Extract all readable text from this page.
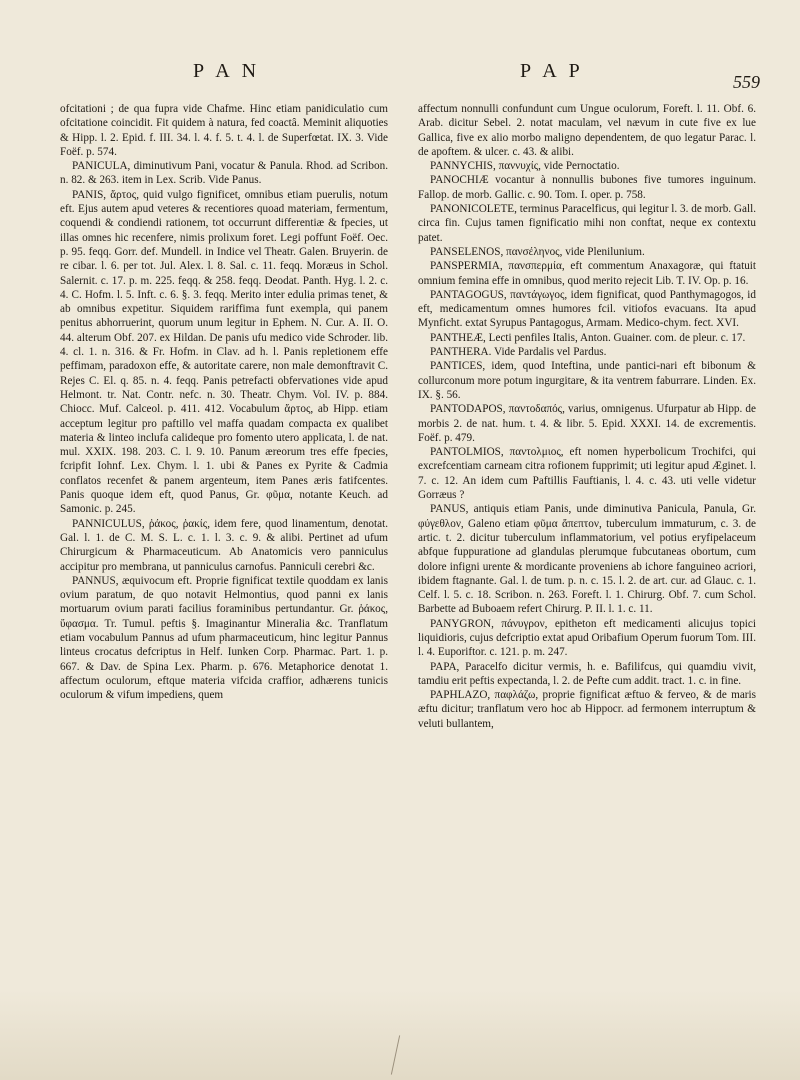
P A N	P A P	559

ofcitationi ; de qua fupra vide Chafme. Hinc etiam panidiculatio cum ofcitatione coincidit. Fit quidem à natura, fed coactâ. Meminit aliquoties & Hipp. l. 2. Epid. f. III. 34. l. 4. f. 5. t. 4. l. de Superfœtat. IX. 3. Vide Foëf. p. 574.

PANICULA, diminutivum Pani, vocatur & Panula. Rhod. ad Scribon. n. 82. & 263. item in Lex. Scrib. Vide Panus.

PANIS, ἄρτος, quid vulgo fignificet, omnibus etiam puerulis, notum eft. Ejus autem apud veteres & recentiores quoad materiam, fermentum, coquendi & condiendi rationem, tot occurrunt differentiæ & fpecies, ut illas omnes hic recenfere, nimis prolixum foret. Legi poffunt Foëf. Oec. p. 95. feqq. Gorr. def. Mundell. in Indice vel Theatr. Galen. Bruyerin. de re cibar. l. 6. per tot. Jul. Alex. l. 8. Sal. c. 11. feqq. Moræus in Schol. Salernit. c. 17. p. m. 225. feqq. & 258. feqq. Deodat. Panth. Hyg. l. 2. c. 4. C. Hofm. l. 5. Inft. c. 6. §. 3. feqq. Merito inter edulia primas tenet, & ab omnibus expetitur. Siquidem rariffima funt exempla, qui panem penitus abhorruerint, quorum unum legitur in Ephem. N. Cur. A. II. O. 44. alterum Obf. 207. ex Hildan. De panis ufu medico vide Schroder. lib. 4. cl. 1. n. 316. & Fr. Hofm. in Clav. ad h. l. Panis repletionem effe peffimam, paradoxon effe, & autoritate carere, non male demonftravit C. Rejes C. El. q. 85. n. 4. feqq. Panis petrefacti obfervationes vide apud Helmont. tr. Nat. Contr. nefc. n. 30. Theatr. Chym. Vol. IV. p. 884. Chiocc. Muf. Calceol. p. 411. 412. Vocabulum ἄρτος, ab Hipp. etiam acceptum legitur pro paftillo vel maffa quadam compacta ex qualibet materia & linteo inclufa calideque pro fomento utero applicata, l. de nat. mul. XXIX. 198. 203. C. l. 9. 10. Panum æreorum tres effe fpecies, fcripfit Iohnf. Lex. Chym. l. 1. ubi & Panes ex Pyrite & Cadmia conflatos recenfet & panem argenteum, item Panes æris fatifcentes. Panis quoque idem eft, quod Panus, Gr. φῦμα, notante Keuch. ad Samonic. p. 245.

PANNICULUS, ῥάκος, ῥακίς, idem fere, quod linamentum, denotat. Gal. l. 1. de C. M. S. L. c. 1. l. 3. c. 9. & alibi. Pertinet ad ufum Chirurgicum & Pharmaceuticum. Ab Anatomicis vero panniculus accipitur pro membrana, ut panniculus carnofus. Panniculi cerebri &c.

PANNUS, æquivocum eft. Proprie fignificat textile quoddam ex lanis ovium paratum, de quo notavit Helmontius, quod panni ex lanis mortuarum ovium parati facilius foraminibus pertundantur. Gr. ῥάκος, ὕφασμα. Tr. Tumul. peftis §. Imaginantur Mineralia &c. Tranflatum etiam vocabulum Pannus ad ufum pharmaceuticum, hinc legitur Pannus linteus crocatus defcriptus in Helf. Iunken Corp. Pharmac. Part. 1. p. 667. & Dav. de Spina Lex. Pharm. p. 676. Metaphorice denotat 1. affectum oculorum, eftque materia vifcida craffior, adhærens tunicis oculorum & vifum impediens, quem

affectum nonnulli confundunt cum Ungue oculorum, Foreft. l. 11. Obf. 6. Arab. dicitur Sebel. 2. notat maculam, vel nævum in cute five ex lue Gallica, five ex alio morbo maligno dependentem, de quo legatur Parac. l. de apoftem. & ulcer. c. 43. & alibi.

PANNYCHIS, παννυχίς, vide Pernoctatio.

PANOCHIÆ vocantur à nonnullis bubones five tumores inguinum. Fallop. de morb. Gallic. c. 90. Tom. I. oper. p. 758.

PANONICOLETE, terminus Paracelficus, qui legitur l. 3. de morb. Gall. circa fin. Cujus tamen fignificatio mihi non conftat, neque ex contextu patet.

PANSELENOS, πανσέληνος, vide Plenilunium.

PANSPERMIA, πανσπερμία, eft commentum Anaxagoræ, qui ftatuit omnium femina effe in omnibus, quod merito rejecit Lib. T. IV. Op. p. 16.

PANTAGOGUS, παντάγωγος, idem fignificat, quod Panthymagogos, id eft, medicamentum omnes humores fcil. vitiofos evacuans. Ita apud Mynficht. extat Syrupus Pantagogus, Armam. Medico-chym. fect. XVI.

PANTHEÆ, Lecti penfiles Italis, Anton. Guainer. com. de pleur. c. 17.

PANTHERA. Vide Pardalis vel Pardus.

PANTICES, idem, quod Inteftina, unde pantici-nari eft bibonum & collurconum more potum ingurgitare, & ita ventrem faburrare. Linden. Ex. IX. §. 56.

PANTODAPOS, παντοδαπός, varius, omnigenus. Ufurpatur ab Hipp. de morbis 2. de nat. hum. t. 4. & libr. 5. Epid. XXXI. 14. de excrementis. Foëf. p. 479.

PANTOLMIOS, παντολμιος, eft nomen hyperbolicum Trochifci, qui excrefcentiam carneam citra rofionem fupprimit; uti legitur apud Æginet. l. 7. c. 12. An idem cum Paftillis Fauftianis, l. 4. c. 43. uti velle videtur Gorræus ?

PANUS, antiquis etiam Panis, unde diminutiva Panicula, Panula, Gr. φύγεθλον, Galeno etiam φῦμα ἄπεπτον, tuberculum immaturum, c. 3. de artic. t. 2. dicitur tuberculum inflammatorium, vel potius eryfipelaceum abfque fuppuratione ad glandulas plerumque fubcutaneas obortum, cum dolore infigni urente & mordicante proveniens ab ichore fanguineo acriori, ibidem ftagnante. Gal. l. de tum. p. n. c. 15. l. 2. de art. cur. ad Glauc. c. 1. Celf. l. 5. c. 18. Scribon. n. 263. Foreft. l. 1. Chirurg. Obf. 7. cum Schol. Barbette ad Buboaem refert Chirurg. P. II. l. 1. c. 11.

PANYGRON, πάνυγρον, epitheton eft medicamenti alicujus topici liquidioris, cujus defcriptio extat apud Oribafium Operum fuorum Tom. III. l. 4. Euporiftor. c. 121. p. m. 247.

PAPA, Paracelfo dicitur vermis, h. e. Bafilifcus, qui quamdiu vivit, tamdiu erit peftis expectanda, l. 2. de Pefte cum addit. tract. 1. c. in fine.

PAPHLAZO, παφλάζω, proprie fignificat æftuo & ferveo, & de maris æftu dicitur; tranflatum vero hoc ab Hippocr. ad fermonem interruptum & veluti bullantem,
